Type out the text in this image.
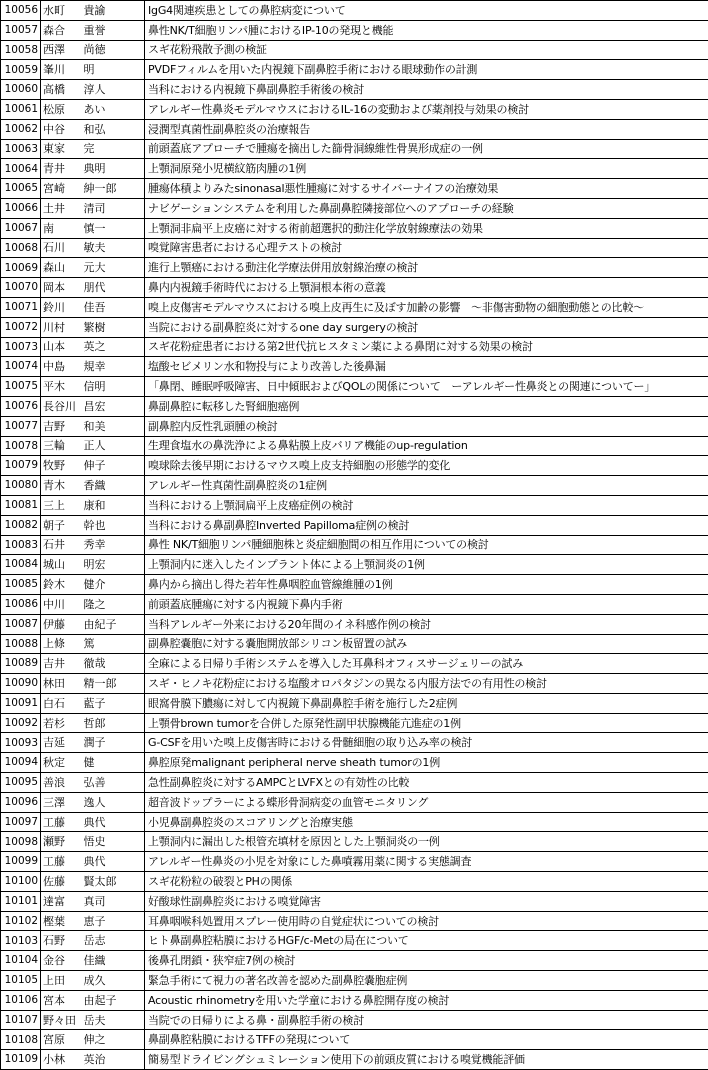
10056	水町	貴諭	IgG4関連疾患としての鼻腔病変について
10057	森合	重誉	鼻性NK/T細胞リンパ腫におけるIP-10の発現と機能
10058	西澤	尚徳	スギ花粉飛散予測の検証
10059	峯川	明	PVDFフィルムを用いた内視鏡下副鼻腔手術における眼球動作の計測
10060	高橋	淳人	当科における内視鏡下鼻副鼻腔手術後の検討
10061	松原	あい	アレルギー性鼻炎モデルマウスにおけるIL-16の変動および薬剤投与効果の検討
10062	中谷	和弘	浸潤型真菌性副鼻腔炎の治療報告
10063	東家	完	前頭蓋底アプローチで腫瘍を摘出した篩骨洞線維性骨異形成症の一例
10064	青井	典明	上顎洞原発小児横紋筋肉腫の1例
10065	宮崎	紳一郎	腫瘍体積よりみたsinonasal悪性腫瘍に対するサイバーナイフの治療効果
10066	土井	清司	ナビゲーションシステムを利用した鼻副鼻腔隣接部位へのアプローチの経験
10067	南	慎一	上顎洞非扁平上皮癌に対する術前超選択的動注化学放射線療法の効果
10068	石川	敏夫	嗅覚障害患者における心理テストの検討
10069	森山	元大	進行上顎癌における動注化学療法併用放射線治療の検討
10070	岡本	朋代	鼻内内視鏡手術時代における上顎洞根本術の意義
10071	鈴川	佳吾	嗅上皮傷害モデルマウスにおける嗅上皮再生に及ぼす加齢の影響　～非傷害動物の細胞動態との比較～
10072	川村	繁樹	当院における副鼻腔炎に対するone day surgeryの検討
10073	山本	英之	スギ花粉症患者における第2世代抗ヒスタミン薬による鼻閉に対する効果の検討
10074	中島	規幸	塩酸セビメリン水和物投与により改善した後鼻漏
10075	平木	信明	「鼻閉、睡眠呼吸障害、日中傾眠およびQOLの関係について　ーアレルギー性鼻炎との関連についてー」
10076	長谷川	昌宏	鼻副鼻腔に転移した腎細胞癌例
10077	吉野	和美	副鼻腔内反性乳頭腫の検討
10078	三輪	正人	生理食塩水の鼻洗浄による鼻粘膜上皮バリア機能のup-regulation
10079	牧野	伸子	嗅球除去後早期におけるマウス嗅上皮支持細胞の形態学的変化
10080	青木	香織	アレルギー性真菌性副鼻腔炎の1症例
10081	三上	康和	当科における上顎洞扁平上皮癌症例の検討
10082	朝子	幹也	当科における鼻副鼻腔Inverted Papilloma症例の検討
10083	石井	秀幸	鼻性 NK/T細胞リンパ腫細胞株と炎症細胞間の相互作用についての検討
10084	城山	明宏	上顎洞内に迷入したインプラント体による上顎洞炎の1例
10085	鈴木	健介	鼻内から摘出し得た若年性鼻咽腔血管線維腫の1例
10086	中川	隆之	前頭蓋底腫瘍に対する内視鏡下鼻内手術
10087	伊藤	由紀子	当科アレルギー外来における20年間のイネ科感作例の検討
10088	上條	篤	副鼻腔嚢胞に対する嚢胞開放部シリコン板留置の試み
10089	吉井	徹哉	全麻による日帰り手術システムを導入した耳鼻科オフィスサージェリーの試み
10090	林田	精一郎	スギ・ヒノキ花粉症における塩酸オロパタジンの異なる内服方法での有用性の検討
10091	白石	藍子	眼窩骨膜下膿瘍に対して内視鏡下鼻副鼻腔手術を施行した2症例
10092	若杉	哲郎	上顎骨brown tumorを合併した原発性副甲状腺機能亢進症の1例
10093	吉延	潤子	G-CSFを用いた嗅上皮傷害時における骨髄細胞の取り込み率の検討
10094	秋定	健	鼻腔原発malignant peripheral nerve sheath tumorの1例
10095	善浪	弘善	急性副鼻腔炎に対するAMPCとLVFXとの有効性の比較
10096	三澤	逸人	超音波ドップラーによる蝶形骨洞病変の血管モニタリング
10097	工藤	典代	小児鼻副鼻腔炎のスコアリングと治療実態
10098	瀬野	悟史	上顎洞内に漏出した根管充填材を原因とした上顎洞炎の一例
10099	工藤	典代	アレルギー性鼻炎の小児を対象にした鼻噴霧用薬に関する実態調査
10100	佐藤	賢太郎	スギ花粉粒の破裂とPHの関係
10101	達富	真司	好酸球性副鼻腔炎における嗅覚障害
10102	樫葉	恵子	耳鼻咽喉科処置用スプレー使用時の自覚症状についての検討
10103	石野	岳志	ヒト鼻副鼻腔粘膜におけるHGF/c-Metの局在について
10104	金谷	佳織	後鼻孔閉鎖・狭窄症7例の検討
10105	上田	成久	緊急手術にて視力の著名改善を認めた副鼻腔嚢胞症例
10106	宮本	由起子	Acoustic rhinometryを用いた学童における鼻腔開存度の検討
10107	野々田	岳夫	当院での日帰りによる鼻・副鼻腔手術の検討
10108	宮原	伸之	鼻副鼻腔粘膜におけるTFFの発現について
10109	小林	英治	簡易型ドライビングシュミレーション使用下の前頭皮質における嗅覚機能評価
